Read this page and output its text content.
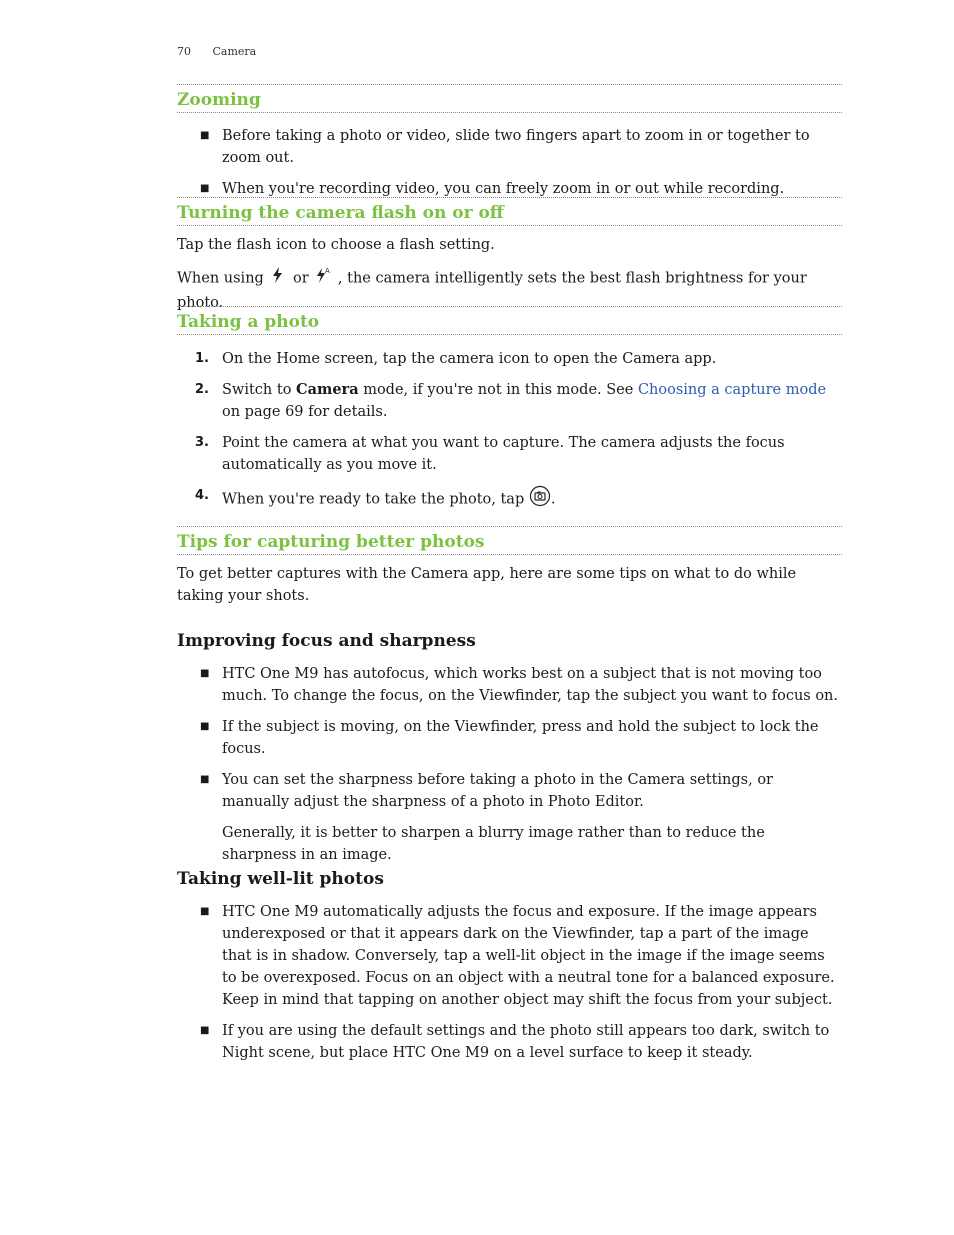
70 Camera
Zooming
■ Before taking a photo or video, slide two fingers apart to zoom in or together to zoom out.
■ When you're recording video, you can freely zoom in or out while recording.
Turning the camera flash on or off
Tap the flash icon to choose a flash setting.
When using or A , the camera intelligently sets the best flash brightness for your photo.
Taking a photo
1. On the Home screen, tap the camera icon to open the Camera app.
2. Switch to Camera mode, if you're not in this mode. See Choosing a capture mode on page 69 for details.
3. Point the camera at what you want to capture. The camera adjusts the focus automatically as you move it.
4. When you're ready to take the photo, tap .
Tips for capturing better photos
To get better captures with the Camera app, here are some tips on what to do while taking your shots.
Improving focus and sharpness
■ HTC One M9 has autofocus, which works best on a subject that is not moving too much. To change the focus, on the Viewfinder, tap the subject you want to focus on.
■ If the subject is moving, on the Viewfinder, press and hold the subject to lock the focus.
■ You can set the sharpness before taking a photo in the Camera settings, or manually adjust the sharpness of a photo in Photo Editor.
Generally, it is better to sharpen a blurry image rather than to reduce the sharpness in an image.
Taking well-lit photos
■ HTC One M9 automatically adjusts the focus and exposure. If the image appears underexposed or that it appears dark on the Viewfinder, tap a part of the image that is in shadow. Conversely, tap a well-lit object in the image if the image seems to be overexposed. Focus on an object with a neutral tone for a balanced exposure. Keep in mind that tapping on another object may shift the focus from your subject.
■ If you are using the default settings and the photo still appears too dark, switch to Night scene, but place HTC One M9 on a level surface to keep it steady.
